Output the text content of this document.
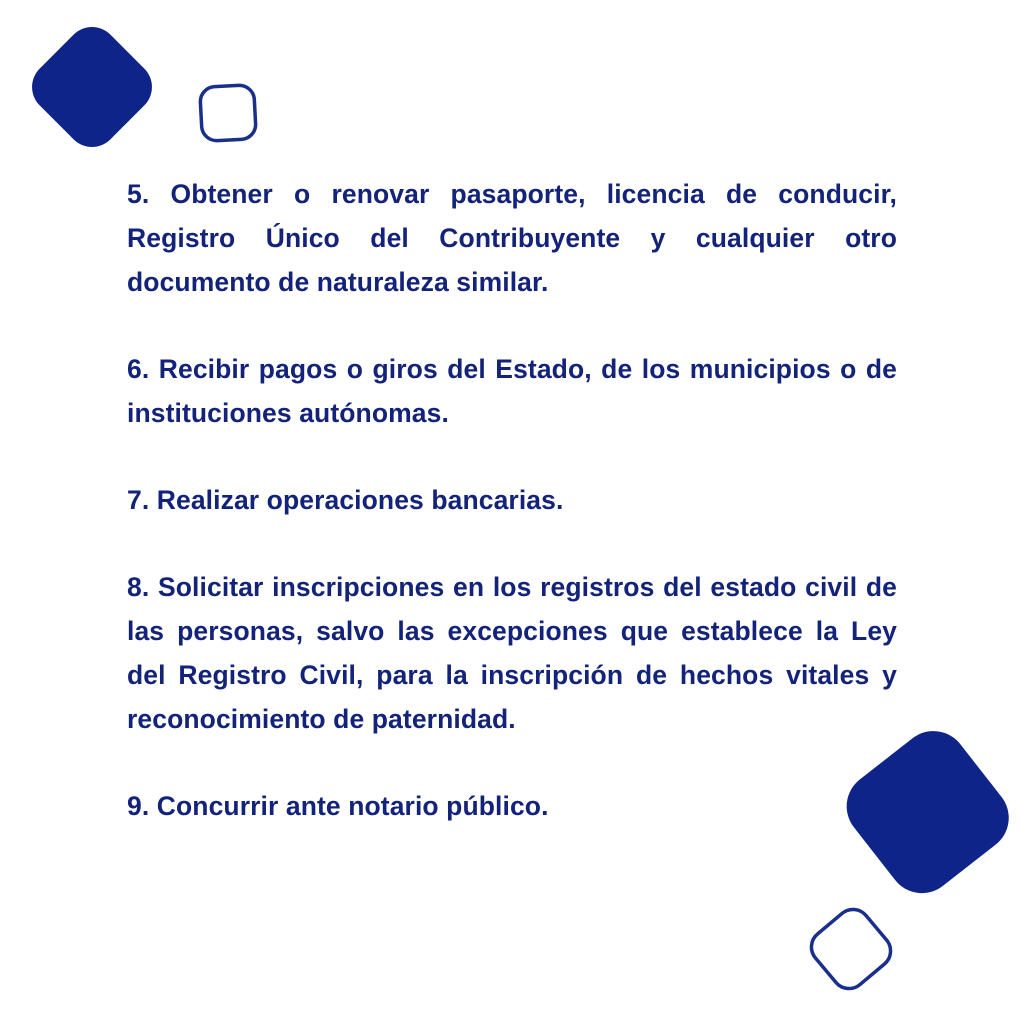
5. Obtener o renovar pasaporte, licencia de conducir, Registro Único del Contribuyente y cualquier otro documento de naturaleza similar.

6. Recibir pagos o giros del Estado, de los municipios o de instituciones autónomas.

7. Realizar operaciones bancarias.

8. Solicitar inscripciones en los registros del estado civil de las personas, salvo las excepciones que establece la Ley del Registro Civil, para la inscripción de hechos vitales y reconocimiento de paternidad.

9. Concurrir ante notario público.
